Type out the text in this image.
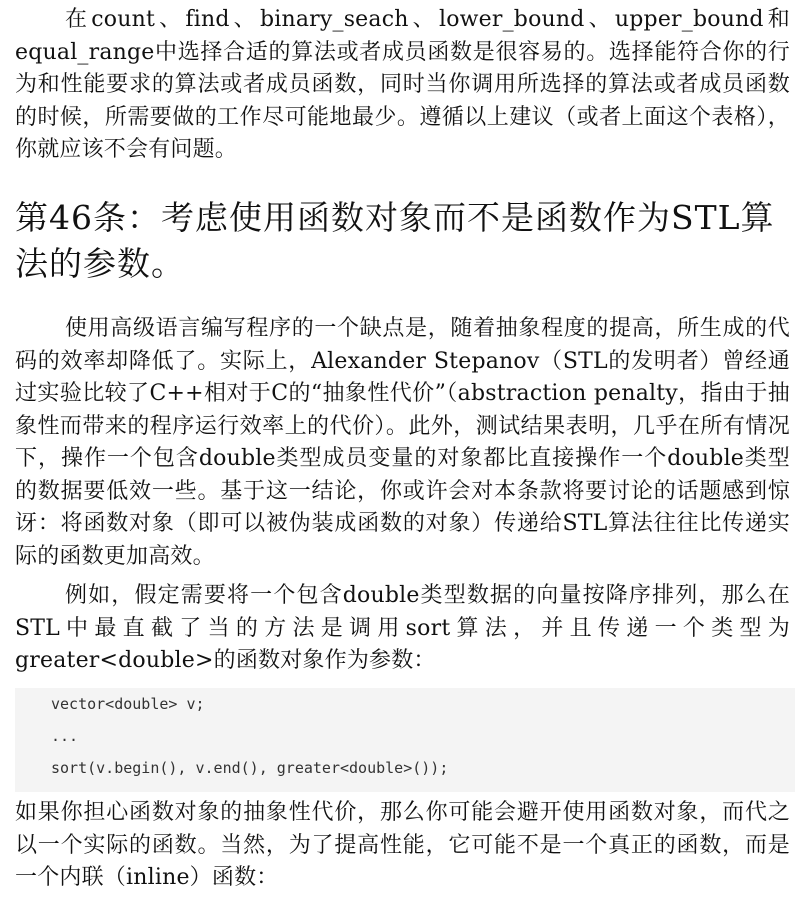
在count、find、binary_seach、lower_bound、upper_bound和equal_range中选择合适的算法或者成员函数是很容易的。选择能符合你的行为和性能要求的算法或者成员函数，同时当你调用所选择的算法或者成员函数的时候，所需要做的工作尽可能地最少。遵循以上建议（或者上面这个表格），你就应该不会有问题。

第46条：考虑使用函数对象而不是函数作为STL算法的参数。

使用高级语言编写程序的一个缺点是，随着抽象程度的提高，所生成的代码的效率却降低了。实际上，Alexander Stepanov（STL的发明者）曾经通过实验比较了C++相对于C的“抽象性代价”（abstraction penalty，指由于抽象性而带来的程序运行效率上的代价）。此外，测试结果表明，几乎在所有情况下，操作一个包含double类型成员变量的对象都比直接操作一个double类型的数据要低效一些。基于这一结论，你或许会对本条款将要讨论的话题感到惊讶：将函数对象（即可以被伪装成函数的对象）传递给STL算法往往比传递实际的函数更加高效。

例如，假定需要将一个包含double类型数据的向量按降序排列，那么在STL中最直截了当的方法是调用sort算法，并且传递一个类型为greater<double>的函数对象作为参数：

vector<double> v;
...
sort(v.begin(), v.end(), greater<double>());

如果你担心函数对象的抽象性代价，那么你可能会避开使用函数对象，而代之以一个实际的函数。当然，为了提高性能，它可能不是一个真正的函数，而是一个内联（inline）函数：
